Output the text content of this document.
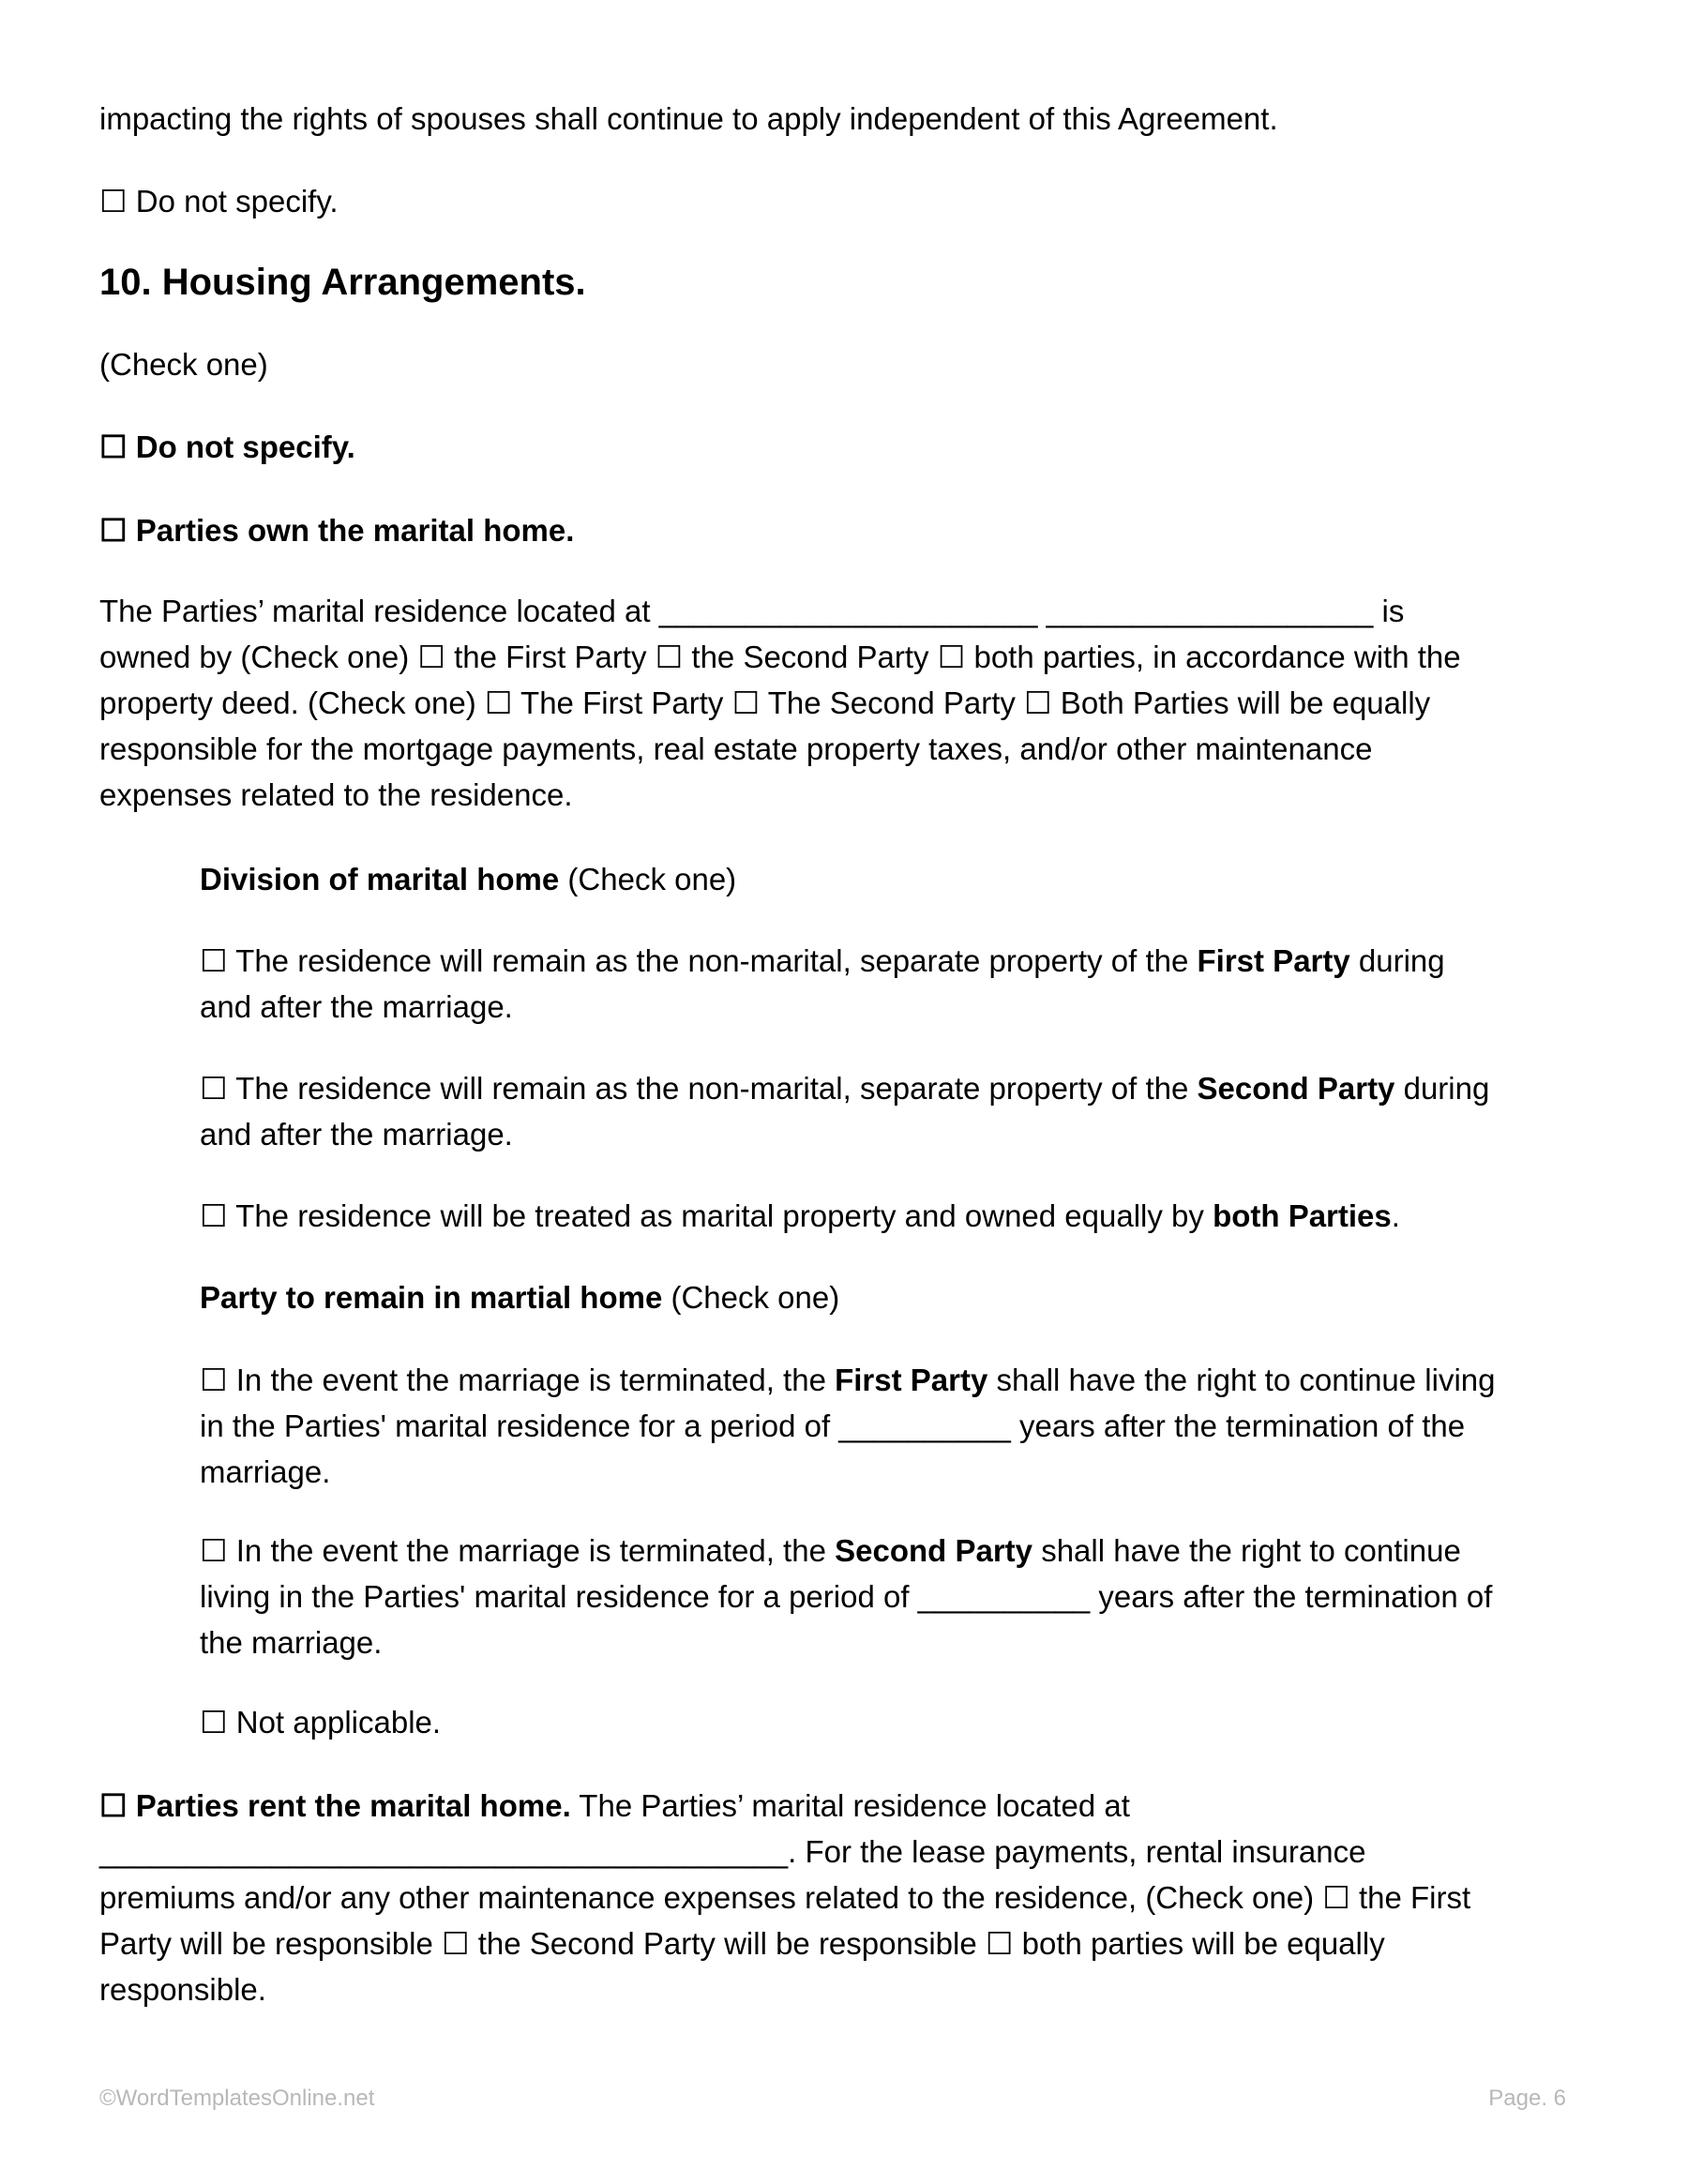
impacting the rights of spouses shall continue to apply independent of this Agreement.

☐ Do not specify.

10. Housing Arrangements.

(Check one)

☐ Do not specify.

☐ Parties own the marital home.

The Parties’ marital residence located at ______________________ ___________________ is
owned by (Check one) ☐ the First Party ☐ the Second Party ☐ both parties, in accordance with the
property deed. (Check one) ☐ The First Party ☐ The Second Party ☐ Both Parties will be equally
responsible for the mortgage payments, real estate property taxes, and/or other maintenance
expenses related to the residence.

Division of marital home (Check one)

☐ The residence will remain as the non-marital, separate property of the First Party during
and after the marriage.
☐ The residence will remain as the non-marital, separate property of the Second Party during
and after the marriage.

☐ The residence will be treated as marital property and owned equally by both Parties.

Party to remain in martial home (Check one)

☐ In the event the marriage is terminated, the First Party shall have the right to continue living
in the Parties' marital residence for a period of __________ years after the termination of the
marriage.
☐ In the event the marriage is terminated, the Second Party shall have the right to continue
living in the Parties' marital residence for a period of __________ years after the termination of
the marriage.

☐ Not applicable.

☐ Parties rent the marital home. The Parties’ marital residence located at
________________________________________. For the lease payments, rental insurance
premiums and/or any other maintenance expenses related to the residence, (Check one) ☐ the First
Party will be responsible ☐ the Second Party will be responsible ☐ both parties will be equally
responsible.
©WordTemplatesOnline.net	Page. 6
